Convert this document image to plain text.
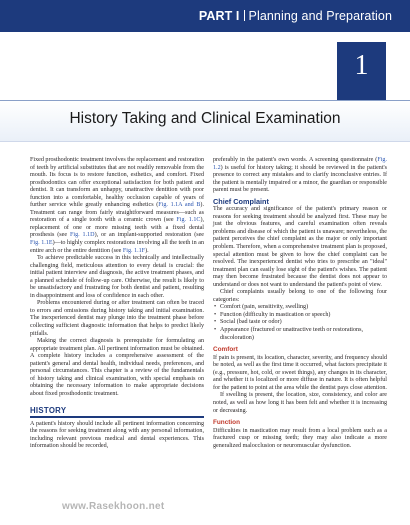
PART I Planning and Preparation
1
History Taking and Clinical Examination

Fixed prosthodontic treatment involves the replacement and restoration of teeth by artificial substitutes that are not readily removable from the mouth. Its focus is to restore function, esthetics, and comfort. Fixed prosthodontics can offer exceptional satisfaction for both patient and dentist. It can transform an unhappy, unattractive dentition with poor function into a comfortable, healthy occlusion capable of years of further service while greatly enhancing esthetics (Fig. 1.1A and B). Treatment can range from fairly straightforward measures—such as restoration of a single tooth with a ceramic crown (see Fig. 1.1C), replacement of one or more missing teeth with a fixed dental prosthesis (see Fig. 1.1D), or an implant-supported restoration (see Fig. 1.1E)—to highly complex restorations involving all the teeth in an entire arch or the entire dentition (see Fig. 1.1F).

To achieve predictable success in this technically and intellectually challenging field, meticulous attention to every detail is crucial: the initial patient interview and diagnosis, the active treatment phases, and a planned schedule of follow-up care. Otherwise, the result is likely to be unsatisfactory and frustrating for both dentist and patient, resulting in disappointment and loss of confidence in each other.

Problems encountered during or after treatment can often be traced to errors and omissions during history taking and initial examination. The inexperienced dentist may plunge into the treatment phase before collecting sufficient diagnostic information that helps to predict likely pitfalls.

Making the correct diagnosis is prerequisite for formulating an appropriate treatment plan. All pertinent information must be obtained. A complete history includes a comprehensive assessment of the patient's general and dental health, individual needs, preferences, and personal circumstances. This chapter is a review of the fundamentals of history taking and clinical examination, with special emphasis on obtaining the necessary information to make appropriate decisions about fixed prosthodontic treatment.

HISTORY

A patient's history should include all pertinent information concerning the reasons for seeking treatment along with any personal information, including relevant previous medical and dental experiences. This information should be recorded,

preferably in the patient's own words. A screening questionnaire (Fig. 1.2) is useful for history taking; it should be reviewed in the patient's presence to correct any mistakes and to clarify inconclusive entries. If the patient is mentally impaired or a minor, the guardian or responsible parent must be present.

Chief Complaint

The accuracy and significance of the patient's primary reason or reasons for seeking treatment should be analyzed first. These may be just the obvious features, and careful examination often reveals problems and disease of which the patient is unaware; nevertheless, the patient perceives the chief complaint as the major or only important problem. Therefore, when a comprehensive treatment plan is proposed, special attention must be given to how the chief complaint can be resolved. The inexperienced dentist who tries to prescribe an "ideal" treatment plan can easily lose sight of the patient's wishes. The patient may then become frustrated because the dentist does not appear to understand or does not want to understand the patient's point of view.

Chief complaints usually belong to one of the following four categories:

• Comfort (pain, sensitivity, swelling)
• Function (difficulty in mastication or speech)
• Social (bad taste or odor)
• Appearance (fractured or unattractive teeth or restorations, discoloration)
Comfort

If pain is present, its location, character, severity, and frequency should be noted, as well as the first time it occurred, what factors precipitate it (e.g., pressure, hot, cold, or sweet things), any changes in its character, and whether it is localized or more diffuse in nature. It is often helpful for the patient to point at the area while the dentist pays close attention.

If swelling is present, the location, size, consistency, and color are noted, as well as how long it has been felt and whether it is increasing or decreasing.

Function

Difficulties in mastication may result from a local problem such as a fractured cusp or missing teeth; they may also indicate a more generalized malocclusion or neuromuscular dysfunction.

www.Rasekhoon.net
